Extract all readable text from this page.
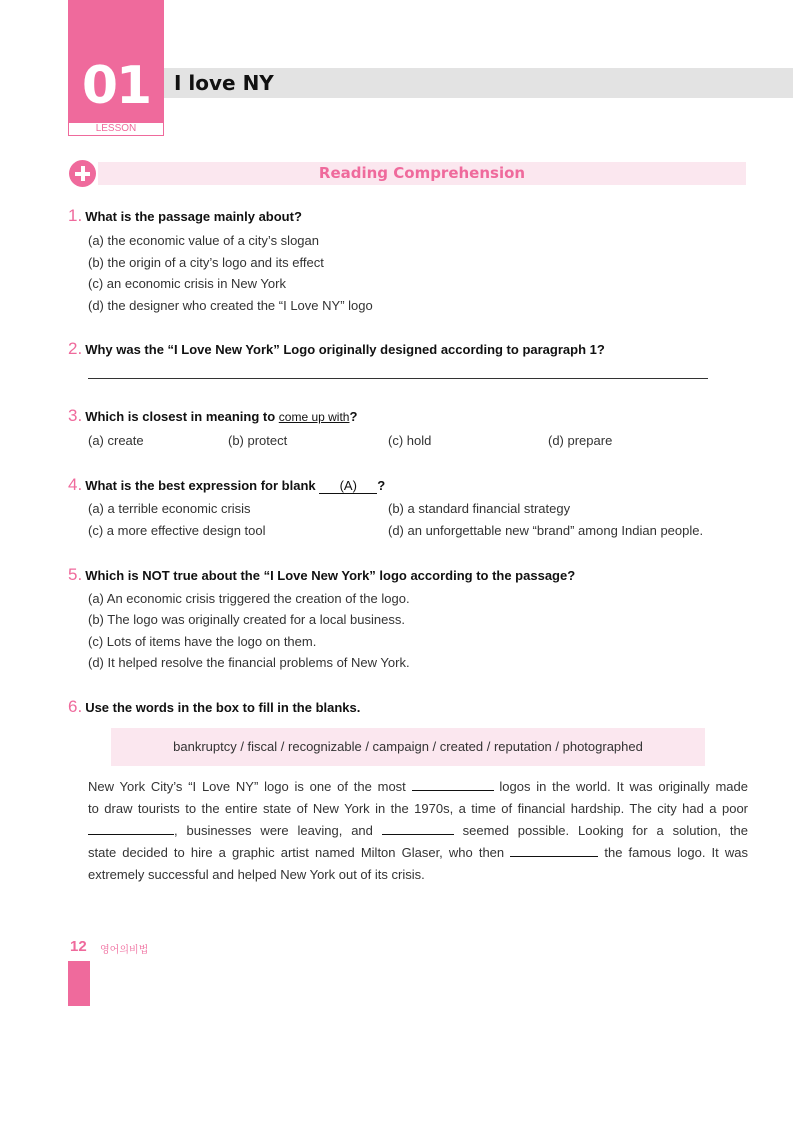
01
LESSON
I love NY
Reading Comprehension
1. What is the passage mainly about?
(a) the economic value of a city’s slogan
(b) the origin of a city’s logo and its effect
(c) an economic crisis in New York
(d) the designer who created the “I Love NY” logo
2. Why was the “I Love New York” Logo originally designed according to paragraph 1?
3. Which is closest in meaning to come up with?
(a) create	(b) protect	(c) hold	(d) prepare
4. What is the best expression for blank (A) ?
(a) a terrible economic crisis	(b) a standard financial strategy
(c) a more effective design tool	(d) an unforgettable new “brand” among Indian people.
5. Which is NOT true about the “I Love New York” logo according to the passage?
(a) An economic crisis triggered the creation of the logo.
(b) The logo was originally created for a local business.
(c) Lots of items have the logo on them.
(d) It helped resolve the financial problems of New York.
6. Use the words in the box to fill in the blanks.
bankruptcy / fiscal / recognizable / campaign / created / reputation / photographed
New York City’s “I Love NY” logo is one of the most	logos in the world. It was originally made
to draw tourists to the entire state of New York in the 1970s, a time of financial hardship. The city had a poor
, businesses were leaving, and	seemed possible. Looking for a solution, the
state decided to hire a graphic artist named Milton Glaser, who then	the famous logo. It was
extremely successful and helped New York out of its crisis.
12 영어의비법
